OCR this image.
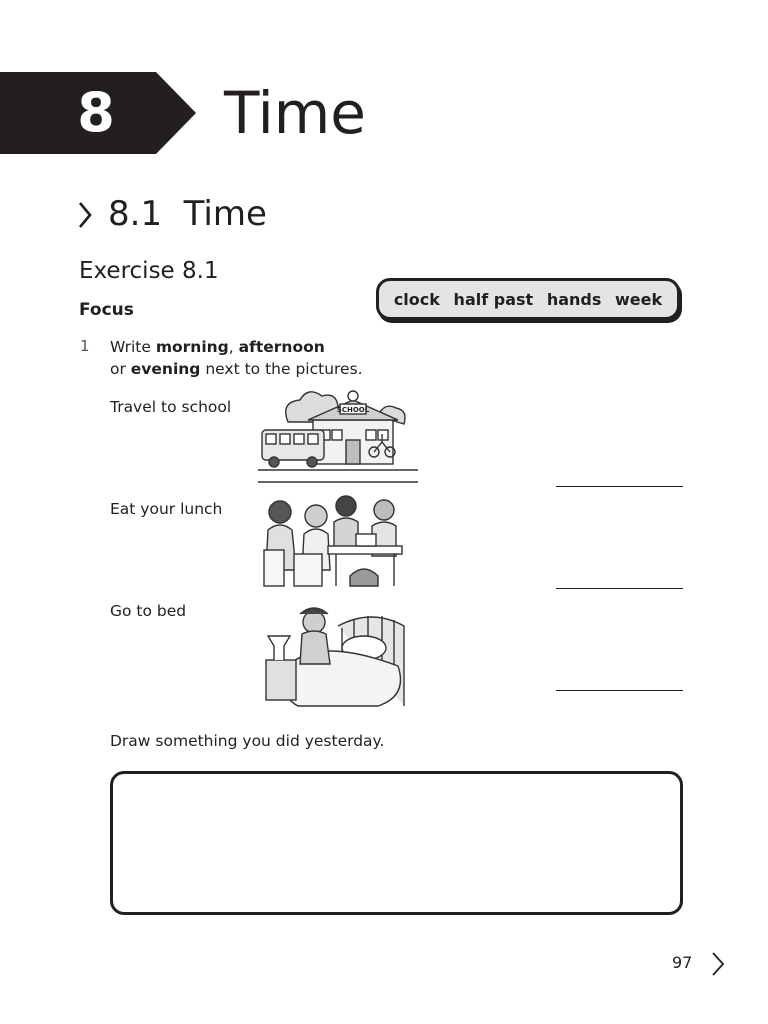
8 Time
8.1  Time
Exercise 8.1
Focus
clock half past hands week
1 Write morning, afternoon
or evening next to the pictures.
Travel to school	SCHOOL
Eat your lunch
Go to bed
Draw something you did yesterday.
97
